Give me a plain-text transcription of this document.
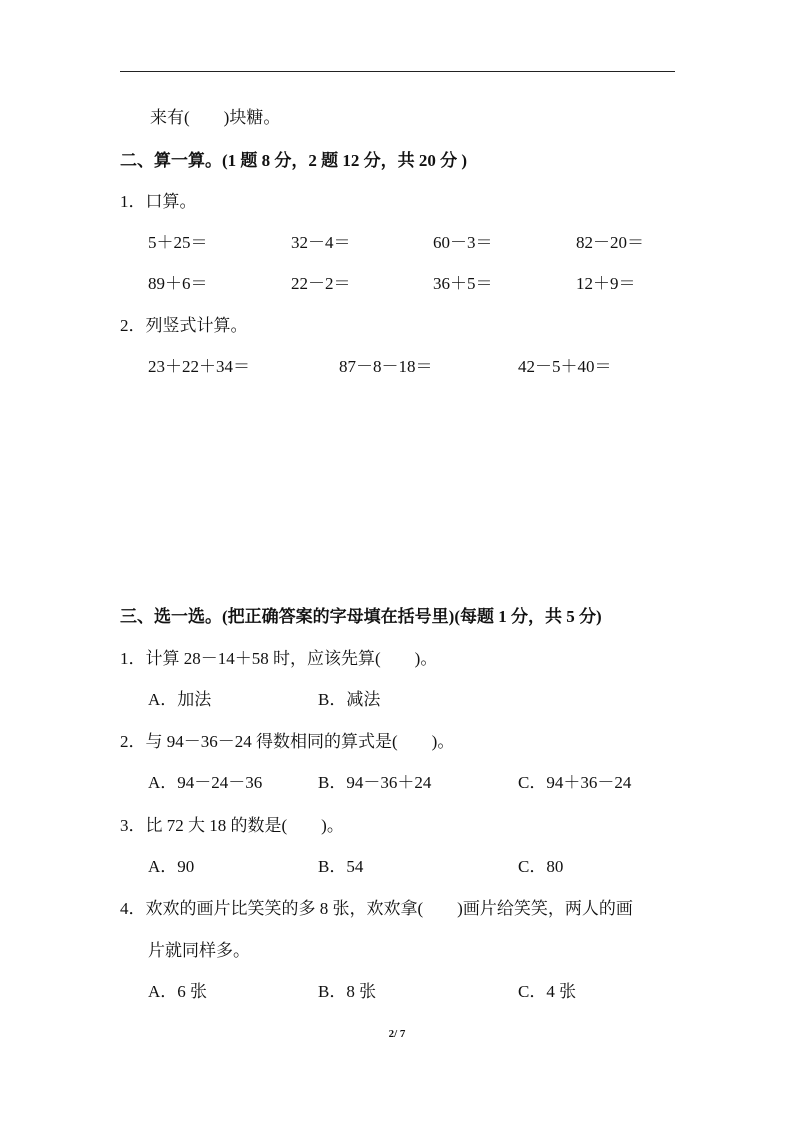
来有(　　)块糖。
二、算一算。(1 题 8 分，2 题 12 分，共 20 分 )
1．口算。
5＋25＝	32－4＝	60－3＝	82－20＝
89＋6＝	22－2＝	36＋5＝	12＋9＝
2．列竖式计算。
23＋22＋34＝	87－8－18＝	42－5＋40＝
三、选一选。(把正确答案的字母填在括号里)(每题 1 分，共 5 分)
1．计算 28－14＋58 时，应该先算(　　)。
A．加法	B．减法
2．与 94－36－24 得数相同的算式是(　　)。
A．94－24－36	B．94－36＋24	C．94＋36－24
3．比 72 大 18 的数是(　　)。
A．90	B．54	C．80
4．欢欢的画片比笑笑的多 8 张，欢欢拿(　　)画片给笑笑，两人的画
片就同样多。
A．6 张	B．8 张	C．4 张
2/ 7
